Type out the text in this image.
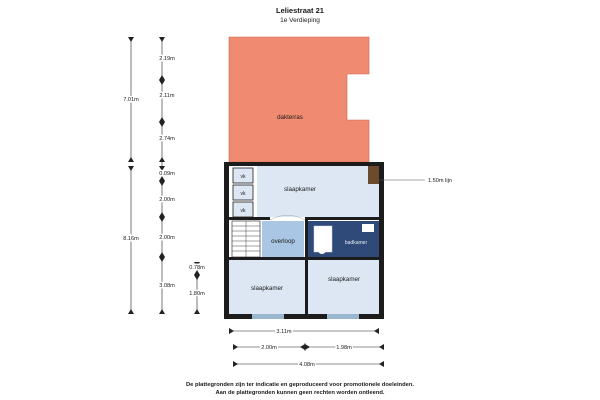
Leliestraat 21
1e Verdieping
dakterras
slaapkamer
vk
vk
vk
overloop	badkamer
slaapkamer
slaapkamer
1.50m lijn
7.01m
8.16m
2.19m
2.11m
2.74m
0.09m
2.00m
2.00m
3.08m
0.78m
1.80m
3.11m
2.00m	1.98m
4.08m
De plattegronden zijn ter indicatie en geproduceerd voor promotionele doeleinden.
Aan de plattegronden kunnen geen rechten worden ontleend.
